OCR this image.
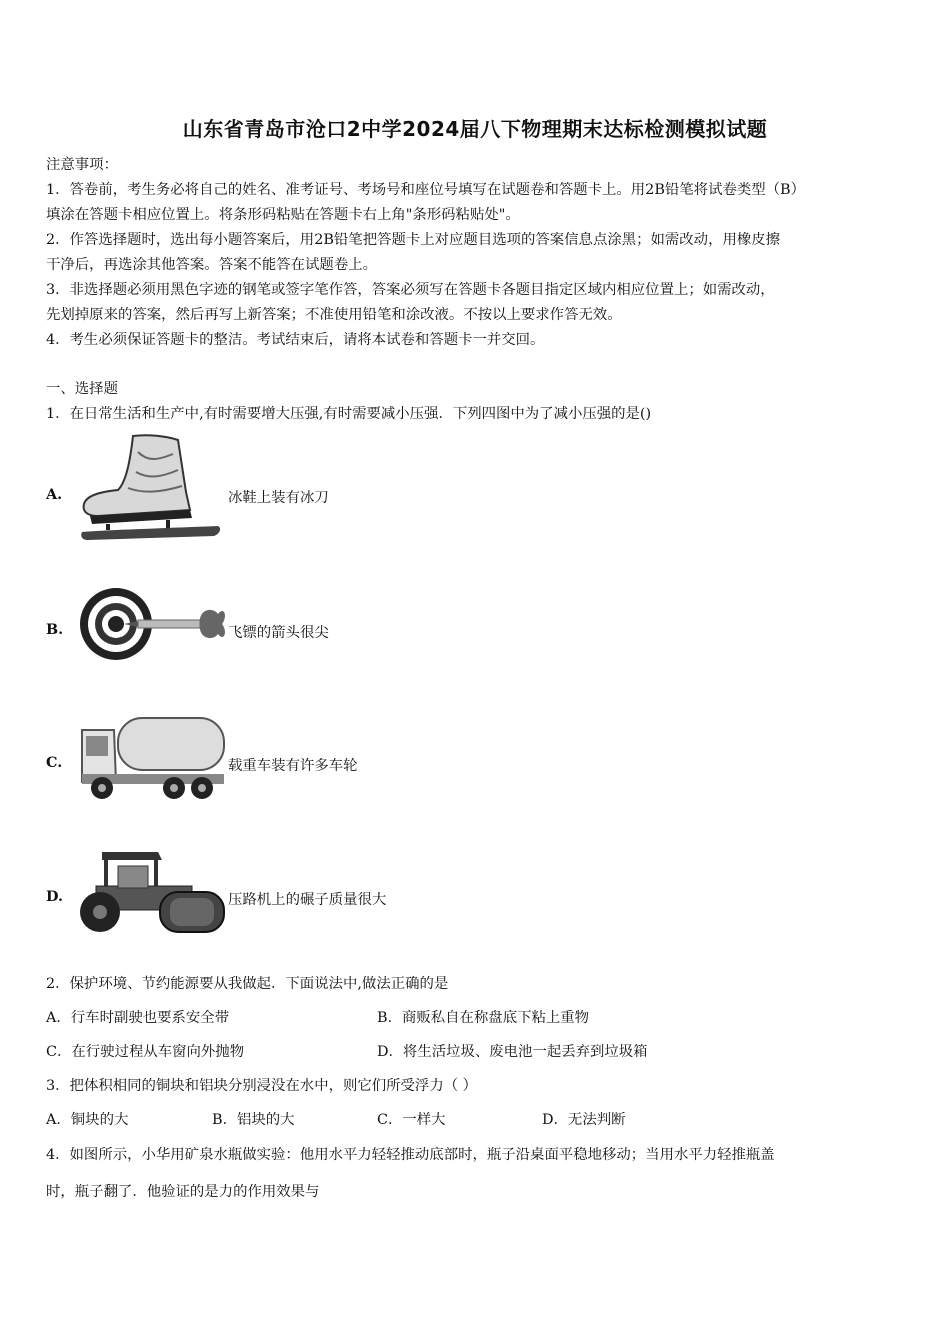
山东省青岛市沧口2中学2024届八下物理期末达标检测模拟试题
注意事项：
1．答卷前，考生务必将自己的姓名、准考证号、考场号和座位号填写在试题卷和答题卡上。用2B铅笔将试卷类型（B）
填涂在答题卡相应位置上。将条形码粘贴在答题卡右上角"条形码粘贴处"。
2．作答选择题时，选出每小题答案后，用2B铅笔把答题卡上对应题目选项的答案信息点涂黑；如需改动，用橡皮擦
干净后，再选涂其他答案。答案不能答在试题卷上。
3．非选择题必须用黑色字迹的钢笔或签字笔作答，答案必须写在答题卡各题目指定区域内相应位置上；如需改动，
先划掉原来的答案，然后再写上新答案；不准使用铅笔和涂改液。不按以上要求作答无效。
4．考生必须保证答题卡的整洁。考试结束后，请将本试卷和答题卡一并交回。
一、选择题
1．在日常生活和生产中,有时需要增大压强,有时需要减小压强．下列四图中为了减小压强的是()
A.	冰鞋上装有冰刀
B.	飞镖的箭头很尖
C.	载重车装有许多车轮
D.	压路机上的碾子质量很大
2．保护环境、节约能源要从我做起．下面说法中,做法正确的是
A．行车时副驶也要系安全带	B．商贩私自在称盘底下粘上重物
C．在行驶过程从车窗向外抛物	D．将生活垃圾、废电池一起丢弃到垃圾箱
3．把体积相同的铜块和铝块分别浸没在水中，则它们所受浮力（ ）
A．铜块的大	B．铝块的大	C．一样大	D．无法判断
4．如图所示，小华用矿泉水瓶做实验：他用水平力轻轻推动底部时，瓶子沿桌面平稳地移动；当用水平力轻推瓶盖
时，瓶子翻了．他验证的是力的作用效果与
